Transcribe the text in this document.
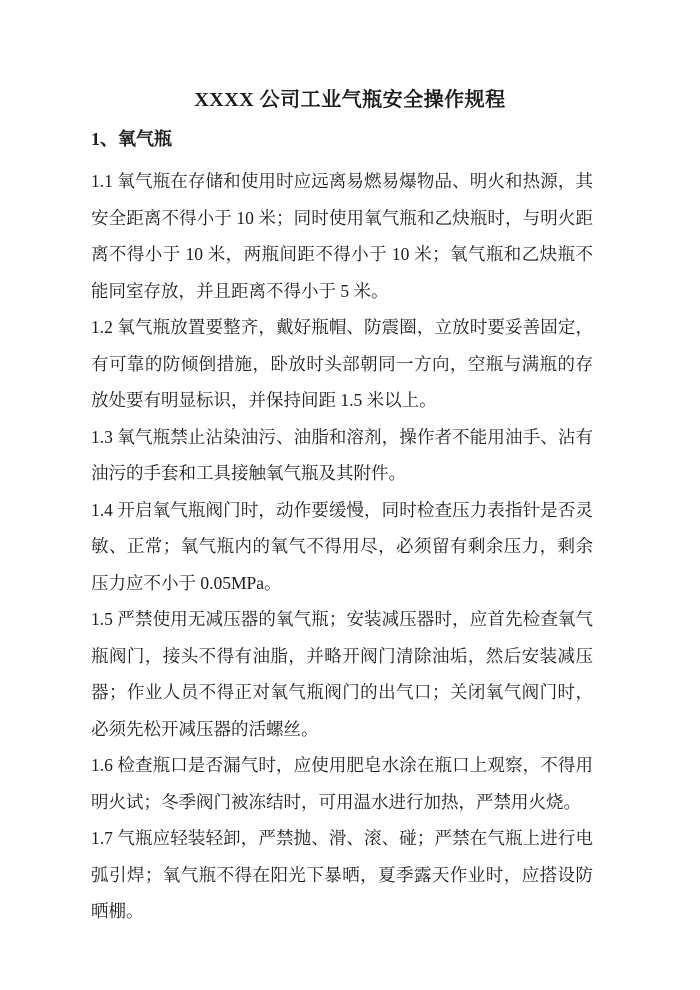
XXXX 公司工业气瓶安全操作规程
1、氧气瓶

1.1 氧气瓶在存储和使用时应远离易燃易爆物品、明火和热源，其安全距离不得小于 10 米；同时使用氧气瓶和乙炔瓶时，与明火距离不得小于 10 米，两瓶间距不得小于 10 米；氧气瓶和乙炔瓶不能同室存放，并且距离不得小于 5 米。

1.2 氧气瓶放置要整齐，戴好瓶帽、防震圈，立放时要妥善固定，有可靠的防倾倒措施，卧放时头部朝同一方向，空瓶与满瓶的存放处要有明显标识，并保持间距 1.5 米以上。

1.3 氧气瓶禁止沾染油污、油脂和溶剂，操作者不能用油手、沾有油污的手套和工具接触氧气瓶及其附件。

1.4 开启氧气瓶阀门时，动作要缓慢，同时检查压力表指针是否灵敏、正常；氧气瓶内的氧气不得用尽，必须留有剩余压力，剩余压力应不小于 0.05MPa。

1.5 严禁使用无减压器的氧气瓶；安装减压器时，应首先检查氧气瓶阀门，接头不得有油脂，并略开阀门清除油垢，然后安装减压器；作业人员不得正对氧气瓶阀门的出气口；关闭氧气阀门时，必须先松开减压器的活螺丝。

1.6 检查瓶口是否漏气时，应使用肥皂水涂在瓶口上观察，不得用明火试；冬季阀门被冻结时，可用温水进行加热，严禁用火烧。

1.7 气瓶应轻装轻卸，严禁抛、滑、滚、碰；严禁在气瓶上进行电弧引焊；氧气瓶不得在阳光下暴晒，夏季露天作业时，应搭设防晒棚。
